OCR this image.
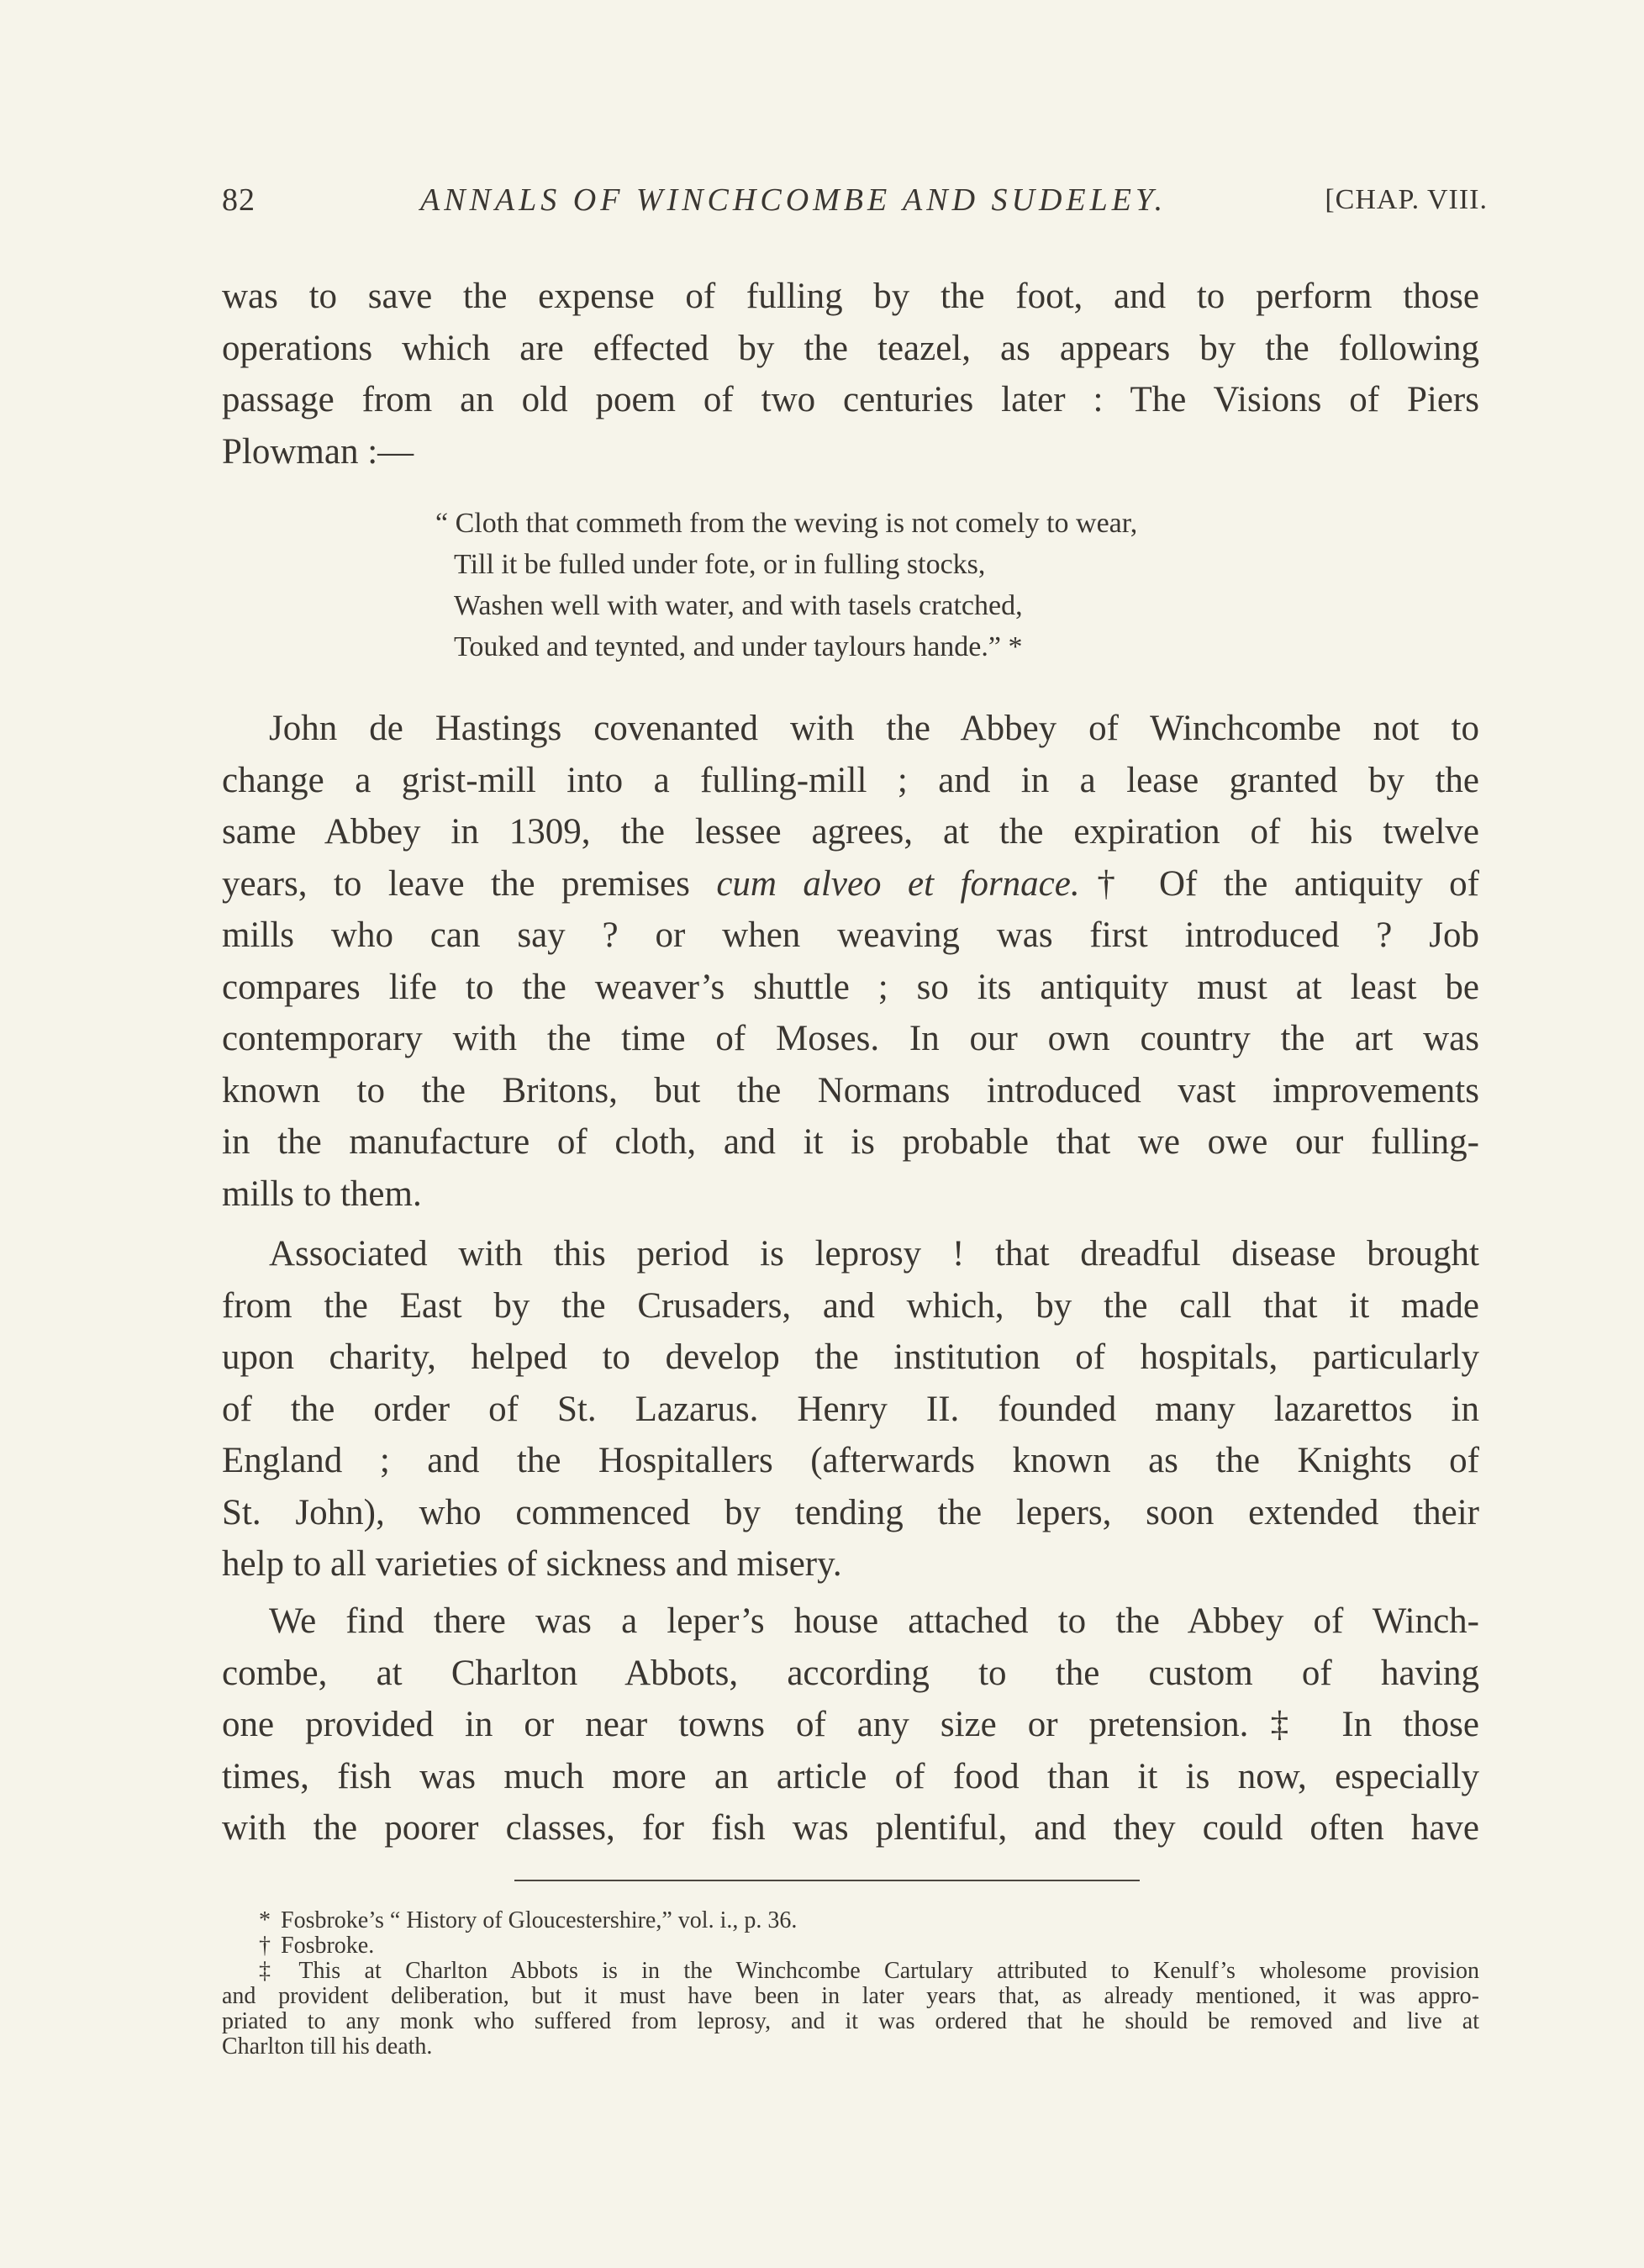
82	ANNALS OF WINCHCOMBE AND SUDELEY.	[CHAP. VIII.
was to save the expense of fulling by the foot, and to perform those
operations which are effected by the teazel, as appears by the following
passage from an old poem of two centuries later : The Visions of Piers
Plowman :—
“ Cloth that commeth from the weving is not comely to wear,
Till it be fulled under fote, or in fulling stocks,
Washen well with water, and with tasels cratched,
Touked and teynted, and under taylours hande.” *
John de Hastings covenanted with the Abbey of Winchcombe not to
change a grist-mill into a fulling-mill ; and in a lease granted by the
same Abbey in 1309, the lessee agrees, at the expiration of his twelve
years, to leave the premises cum alveo et fornace.† Of the antiquity of
mills who can say ? or when weaving was first introduced ? Job
compares life to the weaver’s shuttle ; so its antiquity must at least be
contemporary with the time of Moses. In our own country the art was
known to the Britons, but the Normans introduced vast improvements
in the manufacture of cloth, and it is probable that we owe our fulling-
mills to them.
Associated with this period is leprosy ! that dreadful disease brought
from the East by the Crusaders, and which, by the call that it made
upon charity, helped to develop the institution of hospitals, particularly
of the order of St. Lazarus. Henry II. founded many lazarettos in
England ; and the Hospitallers (afterwards known as the Knights of
St. John), who commenced by tending the lepers, soon extended their
help to all varieties of sickness and misery.
We find there was a leper’s house attached to the Abbey of Winch-
combe, at Charlton Abbots, according to the custom of having
one provided in or near towns of any size or pretension.‡ In those
times, fish was much more an article of food than it is now, especially
with the poorer classes, for fish was plentiful, and they could often have
* Fosbroke’s “ History of Gloucestershire,” vol. i., p. 36.
† Fosbroke.
‡ This at Charlton Abbots is in the Winchcombe Cartulary attributed to Kenulf’s wholesome provision
and provident deliberation, but it must have been in later years that, as already mentioned, it was appro-
priated to any monk who suffered from leprosy, and it was ordered that he should be removed and live at
Charlton till his death.
